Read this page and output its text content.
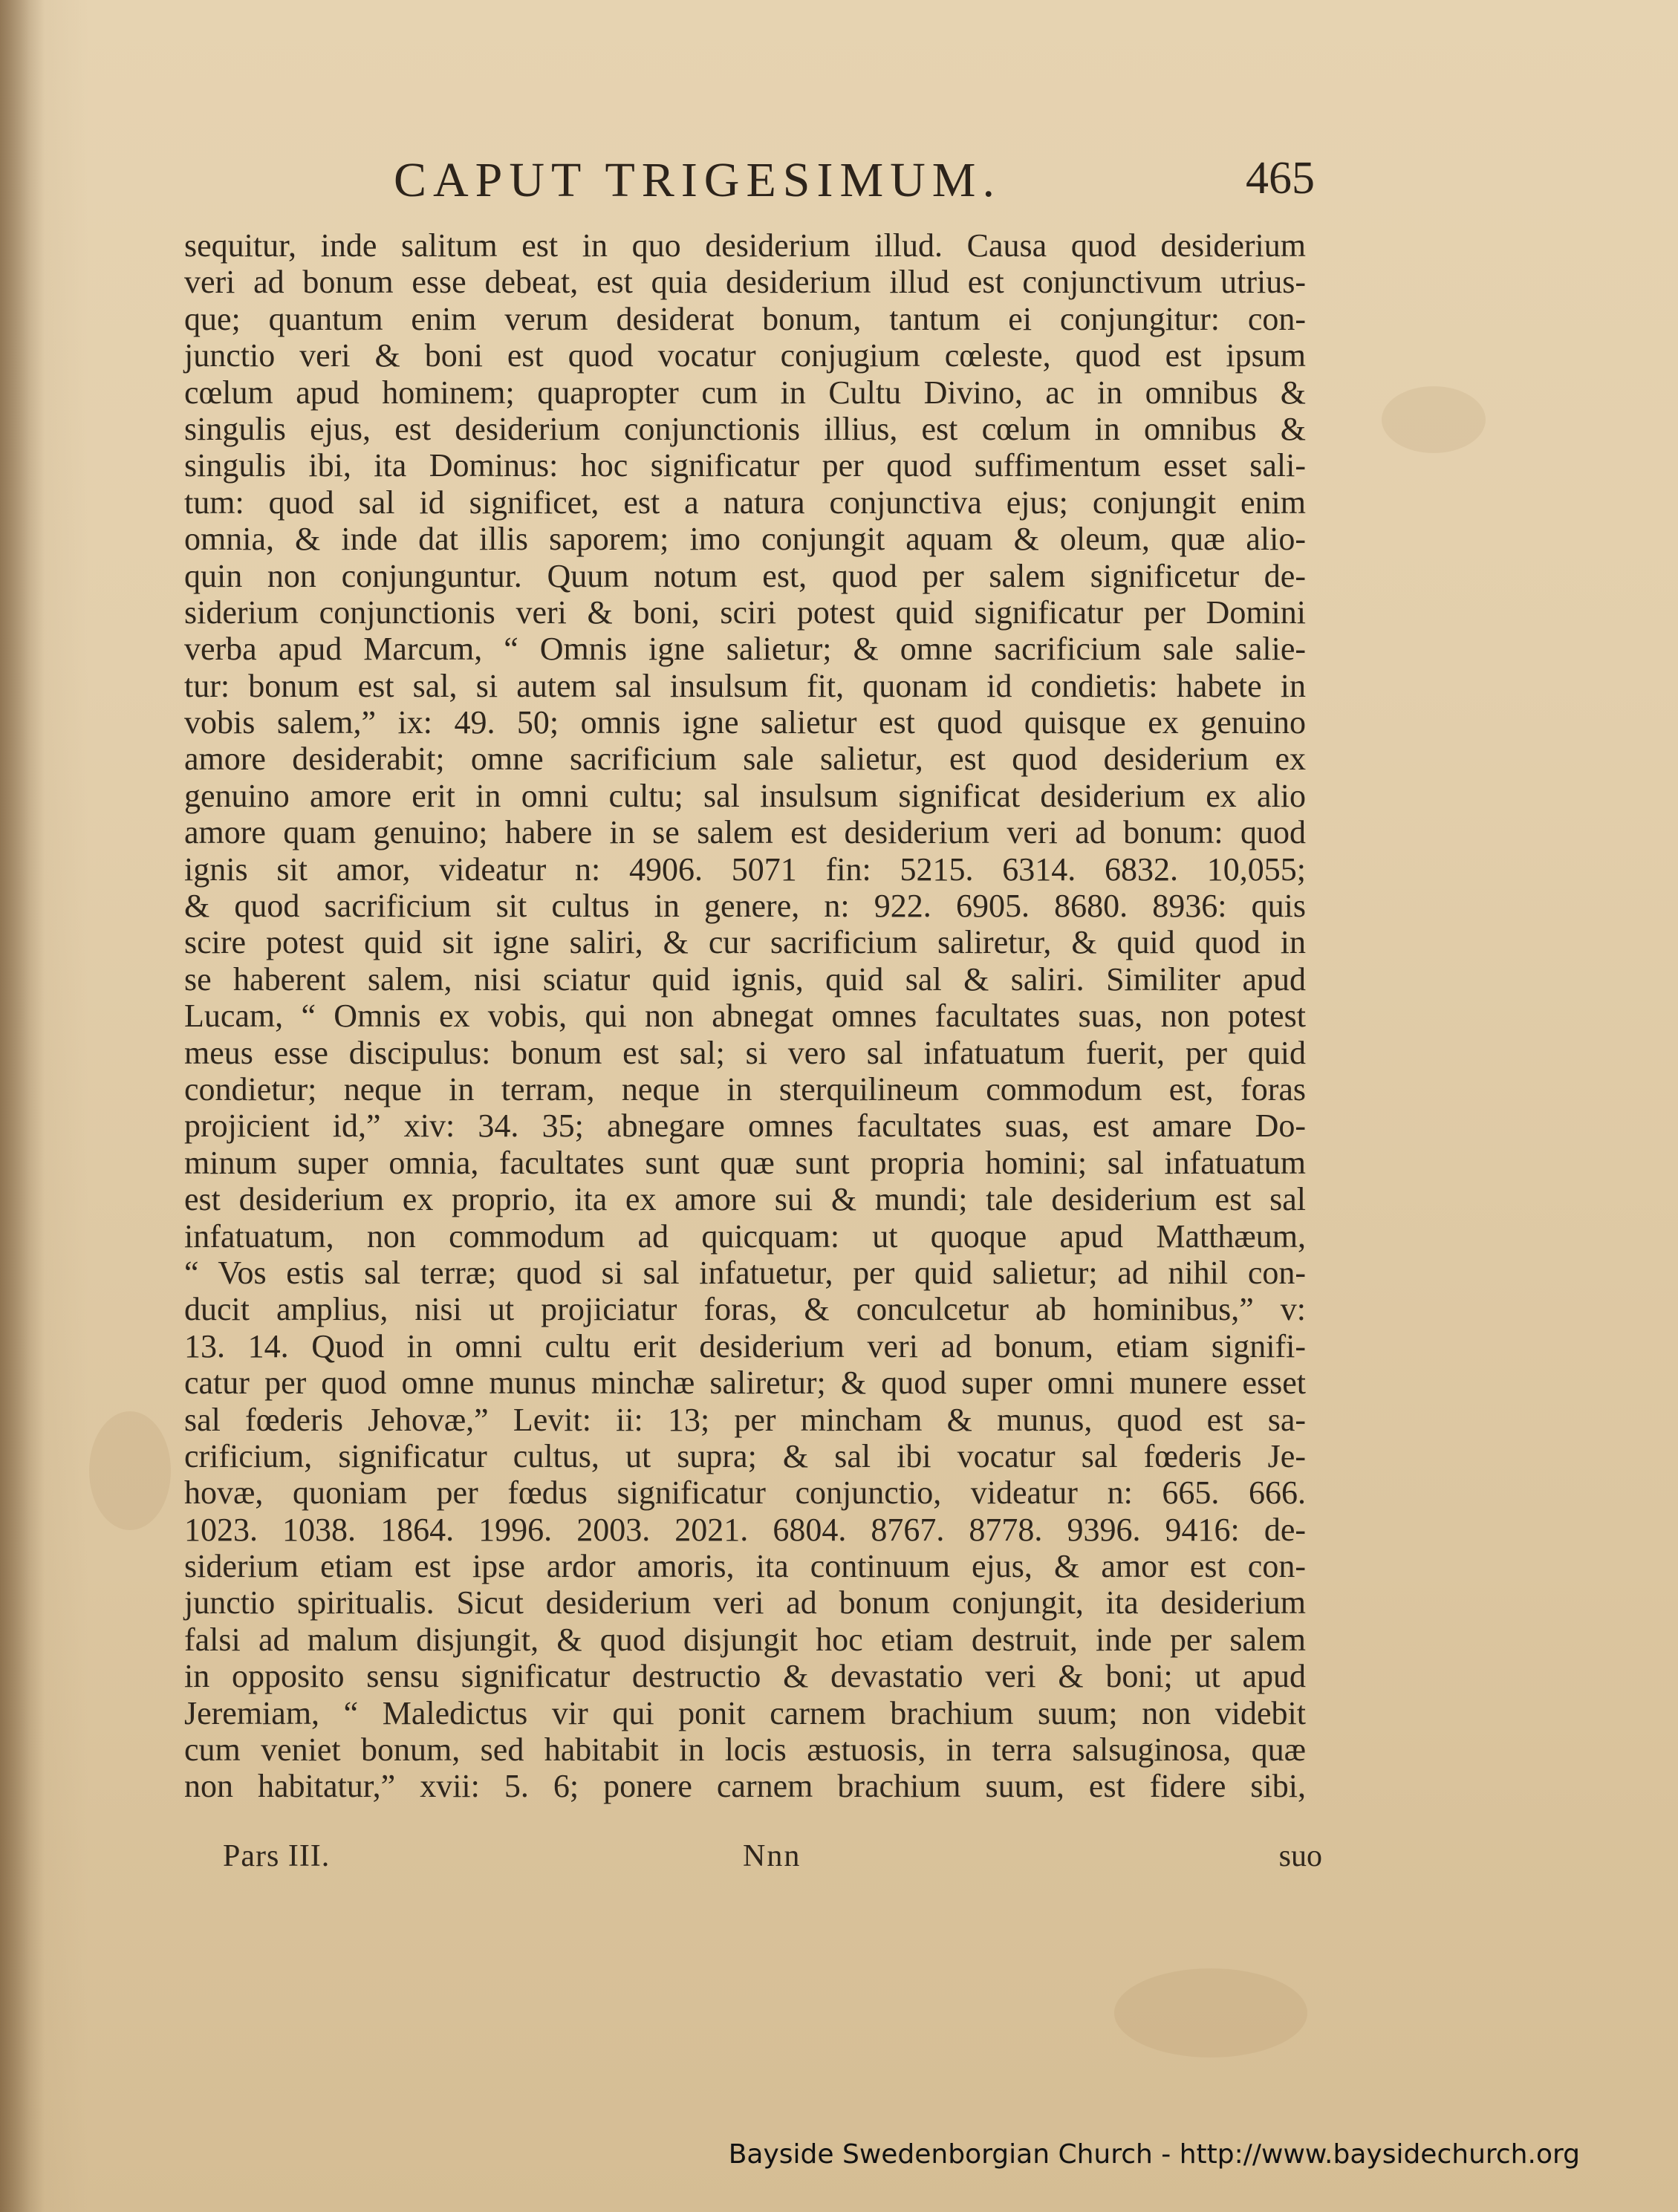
CAPUT TRIGESIMUM.	465
sequitur, inde salitum est in quo desiderium illud. Causa quod desiderium
veri ad bonum esse debeat, est quia desiderium illud est conjunctivum utrius-
que; quantum enim verum desiderat bonum, tantum ei conjungitur: con-
junctio veri & boni est quod vocatur conjugium cœleste, quod est ipsum
cœlum apud hominem; quapropter cum in Cultu Divino, ac in omnibus &
singulis ejus, est desiderium conjunctionis illius, est cœlum in omnibus &
singulis ibi, ita Dominus: hoc significatur per quod suffimentum esset sali-
tum: quod sal id significet, est a natura conjunctiva ejus; conjungit enim
omnia, & inde dat illis saporem; imo conjungit aquam & oleum, quæ alio-
quin non conjunguntur. Quum notum est, quod per salem significetur de-
siderium conjunctionis veri & boni, sciri potest quid significatur per Domini
verba apud Marcum, “ Omnis igne salietur; & omne sacrificium sale salie-
tur: bonum est sal, si autem sal insulsum fit, quonam id condietis: habete in
vobis salem,” ix: 49. 50; omnis igne salietur est quod quisque ex genuino
amore desiderabit; omne sacrificium sale salietur, est quod desiderium ex
genuino amore erit in omni cultu; sal insulsum significat desiderium ex alio
amore quam genuino; habere in se salem est desiderium veri ad bonum: quod
ignis sit amor, videatur n: 4906. 5071 fin: 5215. 6314. 6832. 10,055;
& quod sacrificium sit cultus in genere, n: 922. 6905. 8680. 8936: quis
scire potest quid sit igne saliri, & cur sacrificium saliretur, & quid quod in
se haberent salem, nisi sciatur quid ignis, quid sal & saliri. Similiter apud
Lucam, “ Omnis ex vobis, qui non abnegat omnes facultates suas, non potest
meus esse discipulus: bonum est sal; si vero sal infatuatum fuerit, per quid
condietur; neque in terram, neque in sterquilineum commodum est, foras
projicient id,” xiv: 34. 35; abnegare omnes facultates suas, est amare Do-
minum super omnia, facultates sunt quæ sunt propria homini; sal infatuatum
est desiderium ex proprio, ita ex amore sui & mundi; tale desiderium est sal
infatuatum, non commodum ad quicquam: ut quoque apud Matthæum,
“ Vos estis sal terræ; quod si sal infatuetur, per quid salietur; ad nihil con-
ducit amplius, nisi ut projiciatur foras, & conculcetur ab hominibus,” v:
13. 14. Quod in omni cultu erit desiderium veri ad bonum, etiam signifi-
catur per quod omne munus minchæ saliretur; & quod super omni munere esset
sal fœderis Jehovæ,” Levit: ii: 13; per mincham & munus, quod est sa-
crificium, significatur cultus, ut supra; & sal ibi vocatur sal fœderis Je-
hovæ, quoniam per fœdus significatur conjunctio, videatur n: 665. 666.
1023. 1038. 1864. 1996. 2003. 2021. 6804. 8767. 8778. 9396. 9416: de-
siderium etiam est ipse ardor amoris, ita continuum ejus, & amor est con-
junctio spiritualis. Sicut desiderium veri ad bonum conjungit, ita desiderium
falsi ad malum disjungit, & quod disjungit hoc etiam destruit, inde per salem
in opposito sensu significatur destructio & devastatio veri & boni; ut apud
Jeremiam, “ Maledictus vir qui ponit carnem brachium suum; non videbit
cum veniet bonum, sed habitabit in locis æstuosis, in terra salsuginosa, quæ
non habitatur,” xvii: 5. 6; ponere carnem brachium suum, est fidere sibi,
Pars III.	Nnn	suo
Bayside Swedenborgian Church - http://www.baysidechurch.org
